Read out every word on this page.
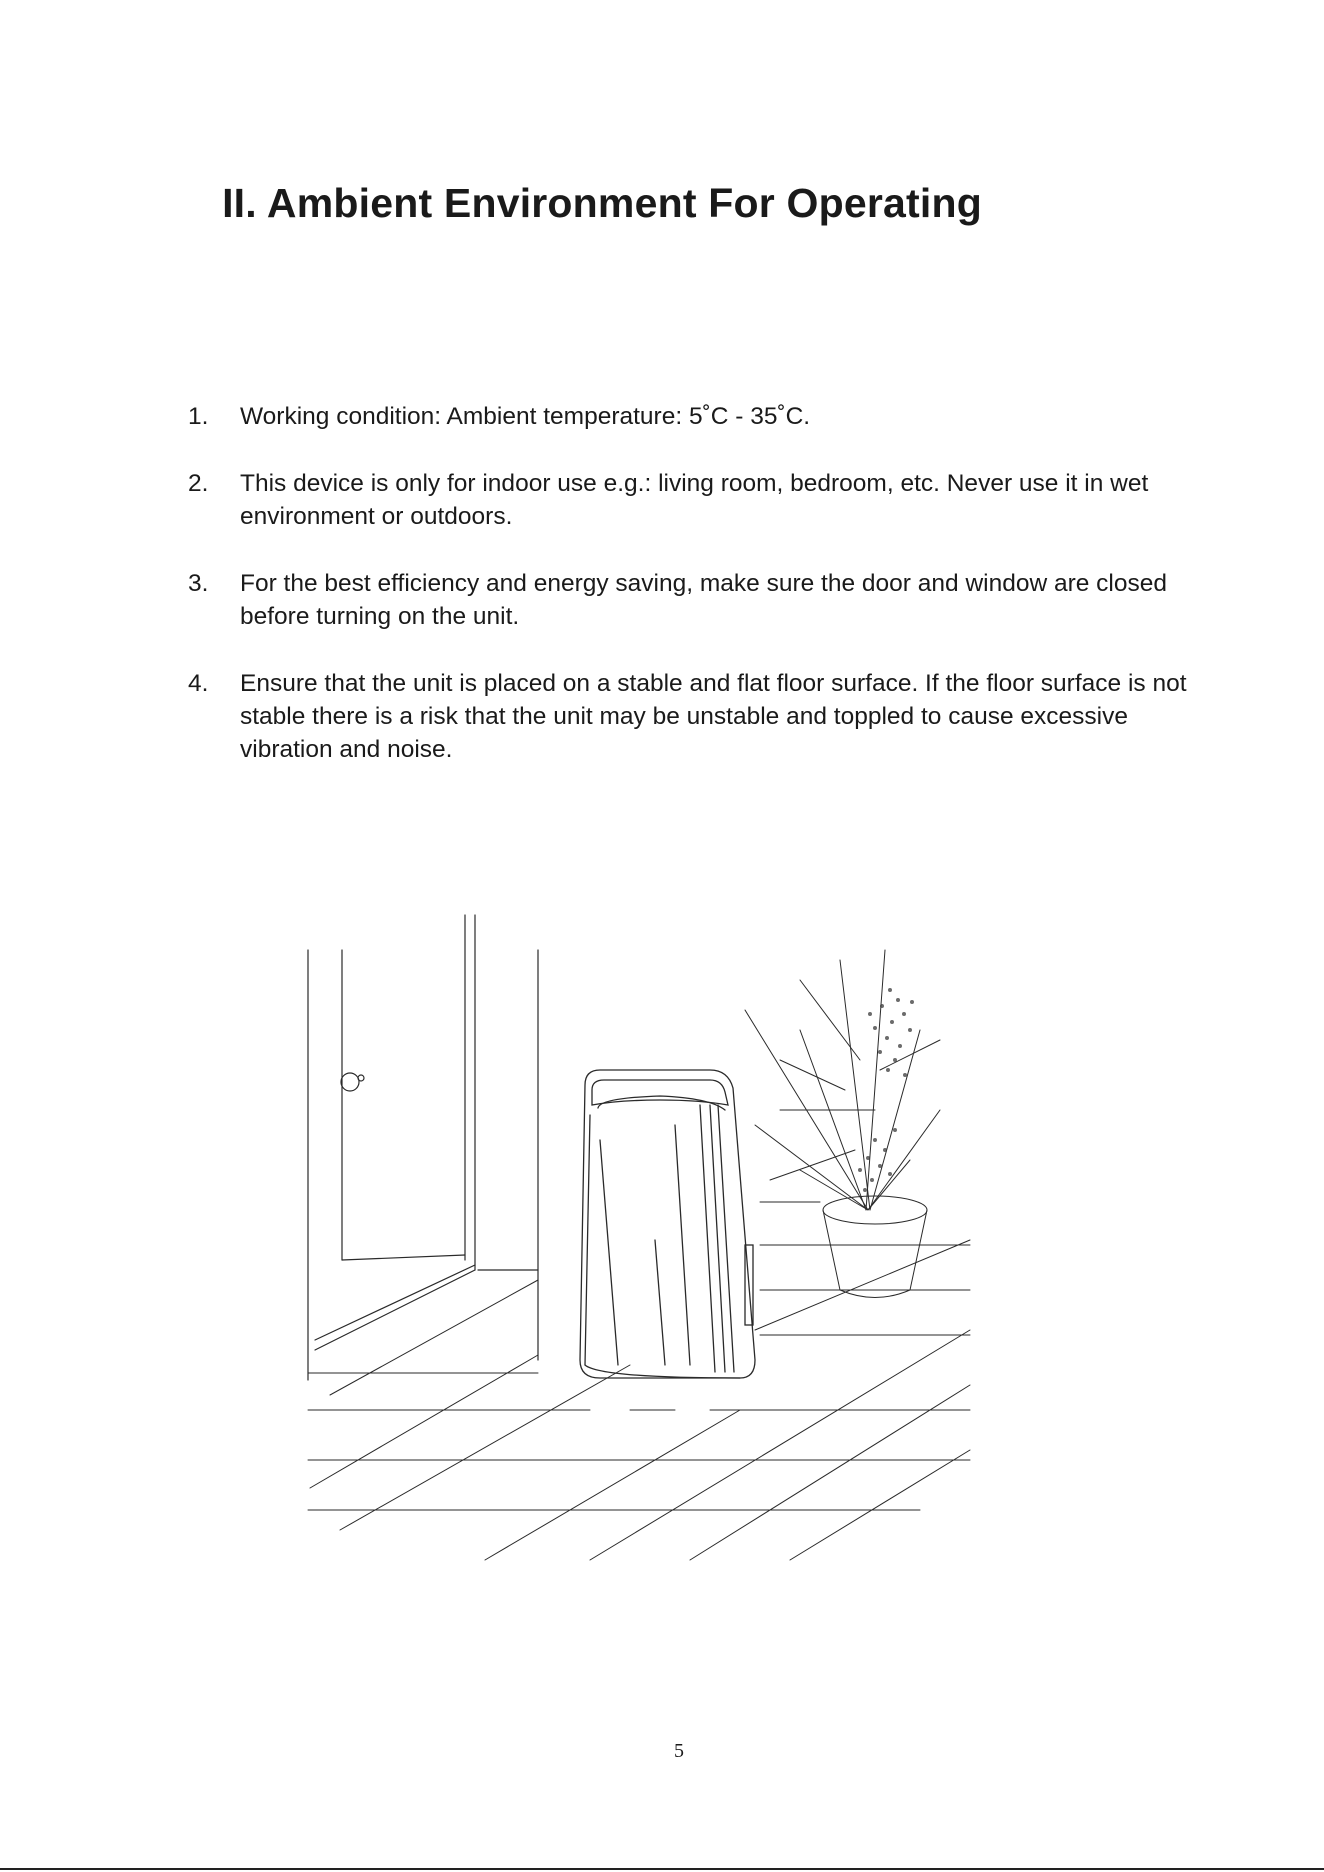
II. Ambient Environment For Operating
1. Working condition: Ambient temperature: 5˚C - 35˚C.
2. This device is only for indoor use e.g.: living room, bedroom, etc. Never use it in wet environment or outdoors.
3. For the best efficiency and energy saving, make sure the door and window are closed before turning on the unit.
4. Ensure that the unit is placed on a stable and flat floor surface. If the floor surface is not stable there is a risk that the unit may be unstable and toppled to cause excessive vibration and noise.
5
